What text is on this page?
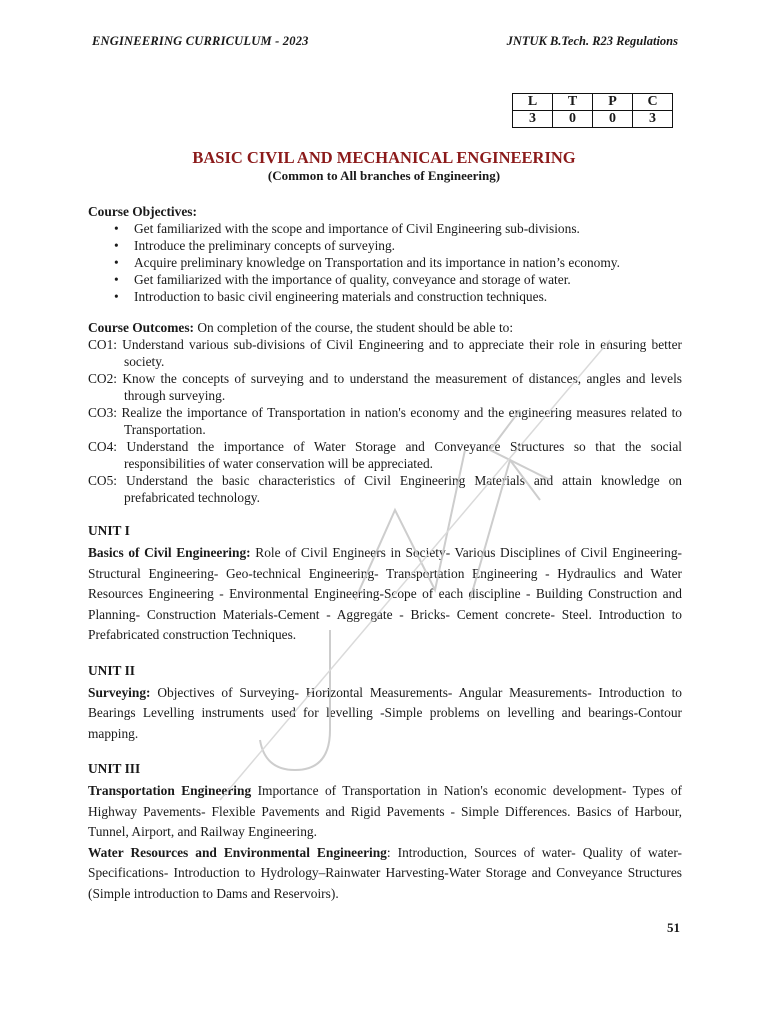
ENGINEERING CURRICULUM - 2023	JNTUK B.Tech. R23 Regulations
L	T	P	C
3	0	0	3
BASIC CIVIL AND MECHANICAL ENGINEERING
(Common to All branches of Engineering)
Course Objectives:
• Get familiarized with the scope and importance of Civil Engineering sub-divisions.
• Introduce the preliminary concepts of surveying.
• Acquire preliminary knowledge on Transportation and its importance in nation’s economy.
• Get familiarized with the importance of quality, conveyance and storage of water.
• Introduction to basic civil engineering materials and construction techniques.
Course Outcomes: On completion of the course, the student should be able to:
CO1: Understand various sub-divisions of Civil Engineering and to appreciate their role in ensuring better society.
CO2: Know the concepts of surveying and to understand the measurement of distances, angles and levels through surveying.
CO3: Realize the importance of Transportation in nation's economy and the engineering measures related to Transportation.
CO4: Understand the importance of Water Storage and Conveyance Structures so that the social responsibilities of water conservation will be appreciated.
CO5: Understand the basic characteristics of Civil Engineering Materials and attain knowledge on prefabricated technology.
UNIT I
Basics of Civil Engineering: Role of Civil Engineers in Society- Various Disciplines of Civil Engineering- Structural Engineering- Geo-technical Engineering- Transportation Engineering - Hydraulics and Water Resources Engineering - Environmental Engineering-Scope of each discipline - Building Construction and Planning- Construction Materials-Cement - Aggregate - Bricks- Cement concrete- Steel. Introduction to Prefabricated construction Techniques.
UNIT II
Surveying: Objectives of Surveying- Horizontal Measurements- Angular Measurements- Introduction to Bearings Levelling instruments used for levelling -Simple problems on levelling and bearings-Contour mapping.
UNIT III
Transportation Engineering Importance of Transportation in Nation's economic development- Types of Highway Pavements- Flexible Pavements and Rigid Pavements - Simple Differences. Basics of Harbour, Tunnel, Airport, and Railway Engineering.
Water Resources and Environmental Engineering: Introduction, Sources of water- Quality of water- Specifications- Introduction to Hydrology–Rainwater Harvesting-Water Storage and Conveyance Structures (Simple introduction to Dams and Reservoirs).
51
